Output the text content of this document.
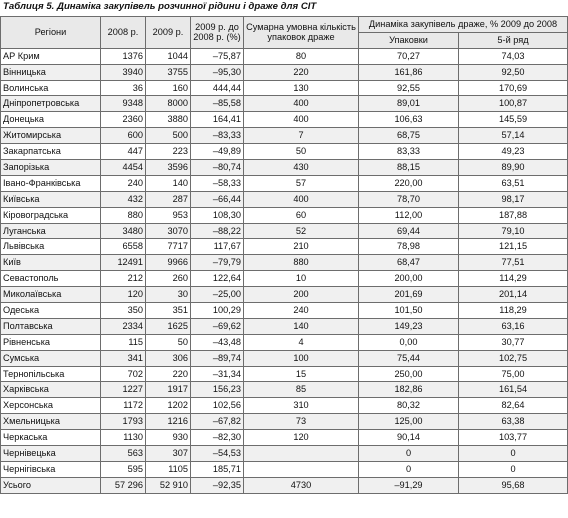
Таблиця 5. Динаміка закупівель розчинної рідини і драже для СІТ
Регіони	2008 р.	2009 р.	2009 р. до 2008 р. (%)	Сумарна умовна кількість упаковок драже	Динаміка закупівель драже, % 2009 до 2008	
					Упаковки	5-й ряд
АР Крим	1376	1044	–75,87	80	70,27	74,03
Вінницька	3940	3755	–95,30	220	161,86	92,50
Волинська	36	160	444,44	130	92,55	170,69
Дніпропетровська	9348	8000	–85,58	400	89,01	100,87
Донецька	2360	3880	164,41	400	106,63	145,59
Житомирська	600	500	–83,33	7	68,75	57,14
Закарпатська	447	223	–49,89	50	83,33	49,23
Запорізька	4454	3596	–80,74	430	88,15	89,90
Івано-Франківська	240	140	–58,33	57	220,00	63,51
Київська	432	287	–66,44	400	78,70	98,17
Кіровоградська	880	953	108,30	60	112,00	187,88
Луганська	3480	3070	–88,22	52	69,44	79,10
Львівська	6558	7717	117,67	210	78,98	121,15
Київ	12491	9966	–79,79	880	68,47	77,51
Севастополь	212	260	122,64	10	200,00	114,29
Миколаївська	120	30	–25,00	200	201,69	201,14
Одеська	350	351	100,29	240	101,50	118,29
Полтавська	2334	1625	–69,62	140	149,23	63,16
Рівненська	115	50	–43,48	4	0,00	30,77
Сумська	341	306	–89,74	100	75,44	102,75
Тернопільська	702	220	–31,34	15	250,00	75,00
Харківська	1227	1917	156,23	85	182,86	161,54
Херсонська	1172	1202	102,56	310	80,32	82,64
Хмельницька	1793	1216	–67,82	73	125,00	63,38
Черкаська	1130	930	–82,30	120	90,14	103,77
Чернівецька	563	307	–54,53		0	0
Чернігівська	595	1105	185,71		0	0
Усього	57 296	52 910	–92,35	4730	–91,29	95,68
